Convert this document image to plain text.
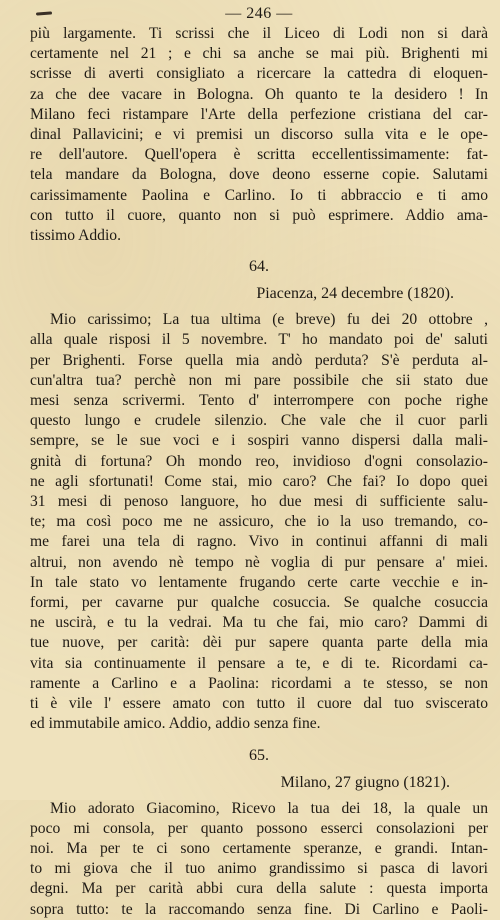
— 246 —
più largamente. Ti scrissi che il Liceo di Lodi non si darà
certamente nel 21 ; e chi sa anche se mai più. Brighenti mi
scrisse di averti consigliato a ricercare la cattedra di eloquen-
za che dee vacare in Bologna. Oh quanto te la desidero ! In
Milano feci ristampare l'Arte della perfezione cristiana del car-
dinal Pallavicini; e vi premisi un discorso sulla vita e le ope-
re dell'autore. Quell'opera è scritta eccellentissimamente: fat-
tela mandare da Bologna, dove deono esserne copie. Salutami
carissimamente Paolina e Carlino. Io ti abbraccio e ti amo
con tutto il cuore, quanto non si può esprimere. Addio ama-
tissimo Addio.
64.
Piacenza, 24 decembre (1820).
Mio carissimo; La tua ultima (e breve) fu dei 20 ottobre ,
alla quale risposi il 5 novembre. T' ho mandato poi de' saluti
per Brighenti. Forse quella mia andò perduta? S'è perduta al-
cun'altra tua? perchè non mi pare possibile che sii stato due
mesi senza scrivermi. Tento d' interrompere con poche righe
questo lungo e crudele silenzio. Che vale che il cuor parli
sempre, se le sue voci e i sospiri vanno dispersi dalla mali-
gnità di fortuna? Oh mondo reo, invidioso d'ogni consolazio-
ne agli sfortunati! Come stai, mio caro? Che fai? Io dopo quei
31 mesi di penoso languore, ho due mesi di sufficiente salu-
te; ma così poco me ne assicuro, che io la uso tremando, co-
me farei una tela di ragno. Vivo in continui affanni di mali
altrui, non avendo nè tempo nè voglia di pur pensare a' miei.
In tale stato vo lentamente frugando certe carte vecchie e in-
formi, per cavarne pur qualche cosuccia. Se qualche cosuccia
ne uscirà, e tu la vedrai. Ma tu che fai, mio caro? Dammi di
tue nuove, per carità: dèi pur sapere quanta parte della mia
vita sia continuamente il pensare a te, e di te. Ricordami ca-
ramente a Carlino e a Paolina: ricordami a te stesso, se non
ti è vile l' essere amato con tutto il cuore dal tuo sviscerato
ed immutabile amico. Addio, addio senza fine.
65.
Milano, 27 giugno (1821).
Mio adorato Giacomino, Ricevo la tua dei 18, la quale un
poco mi consola, per quanto possono esserci consolazioni per
noi. Ma per te ci sono certamente speranze, e grandi. Intan-
to mi giova che il tuo animo grandissimo si pasca di lavori
degni. Ma per carità abbi cura della salute : questa importa
sopra tutto: te la raccomando senza fine. Di Carlino e Paoli-
